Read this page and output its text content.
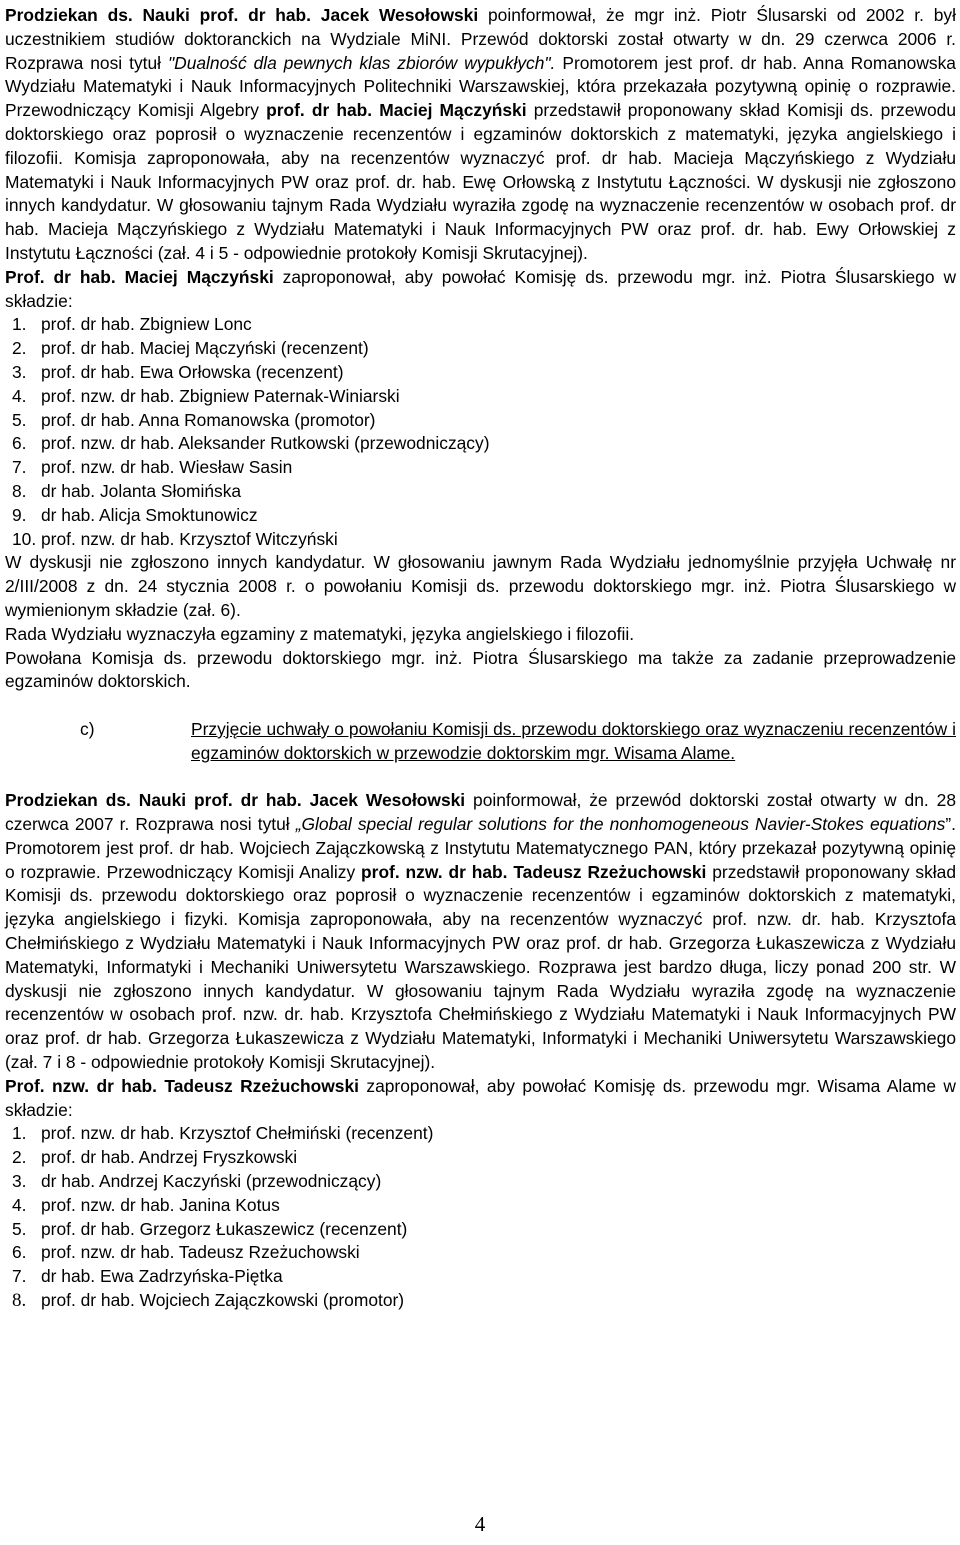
Prodziekan ds. Nauki prof. dr hab. Jacek Wesołowski poinformował, że mgr inż. Piotr Ślusarski od 2002 r. był uczestnikiem studiów doktoranckich na Wydziale MiNI. Przewód doktorski został otwarty w dn. 29 czerwca 2006 r. Rozprawa nosi tytuł "Dualność dla pewnych klas zbiorów wypukłych". Promotorem jest prof. dr hab. Anna Romanowska Wydziału Matematyki i Nauk Informacyjnych Politechniki Warszawskiej, która przekazała pozytywną opinię o rozprawie. Przewodniczący Komisji Algebry prof. dr hab. Maciej Mączyński przedstawił proponowany skład Komisji ds. przewodu doktorskiego oraz poprosił o wyznaczenie recenzentów i egzaminów doktorskich z matematyki, języka angielskiego i filozofii. Komisja zaproponowała, aby na recenzentów wyznaczyć prof. dr hab. Macieja Mączyńskiego z Wydziału Matematyki i Nauk Informacyjnych PW oraz prof. dr. hab. Ewę Orłowską z Instytutu Łączności. W dyskusji nie zgłoszono innych kandydatur. W głosowaniu tajnym Rada Wydziału wyraziła zgodę na wyznaczenie recenzentów w osobach prof. dr hab. Macieja Mączyńskiego z Wydziału Matematyki i Nauk Informacyjnych PW oraz prof. dr. hab. Ewy Orłowskiej z Instytutu Łączności (zał. 4 i 5 - odpowiednie protokoły Komisji Skrutacyjnej).

Prof. dr hab. Maciej Mączyński zaproponował, aby powołać Komisję ds. przewodu mgr. inż. Piotra Ślusarskiego w składzie:

1. prof. dr hab. Zbigniew Lonc
2. prof. dr hab. Maciej Mączyński (recenzent)
3. prof. dr hab. Ewa Orłowska (recenzent)
4. prof. nzw. dr hab. Zbigniew Paternak-Winiarski
5. prof. dr hab. Anna Romanowska (promotor)
6. prof. nzw. dr hab. Aleksander Rutkowski (przewodniczący)
7. prof. nzw. dr hab. Wiesław Sasin
8. dr hab. Jolanta Słomińska
9. dr hab. Alicja Smoktunowicz
10. prof. nzw. dr hab. Krzysztof Witczyński

W dyskusji nie zgłoszono innych kandydatur. W głosowaniu jawnym Rada Wydziału jednomyślnie przyjęła Uchwałę nr 2/III/2008 z dn. 24 stycznia 2008 r. o powołaniu Komisji ds. przewodu doktorskiego mgr. inż. Piotra Ślusarskiego w wymienionym składzie (zał. 6).

Rada Wydziału wyznaczyła egzaminy z matematyki, języka angielskiego i filozofii.

Powołana Komisja ds. przewodu doktorskiego mgr. inż. Piotra Ślusarskiego ma także za zadanie przeprowadzenie egzaminów doktorskich.

c)	Przyjęcie uchwały o powołaniu Komisji ds. przewodu doktorskiego oraz wyznaczeniu recenzentów i egzaminów doktorskich w przewodzie doktorskim mgr. Wisama Alame.

Prodziekan ds. Nauki prof. dr hab. Jacek Wesołowski poinformował, że przewód doktorski został otwarty w dn. 28 czerwca 2007 r. Rozprawa nosi tytuł „Global special regular solutions for the nonhomogeneous Navier-Stokes equations”. Promotorem jest prof. dr hab. Wojciech Zajączkowską z Instytutu Matematycznego PAN, który przekazał pozytywną opinię o rozprawie. Przewodniczący Komisji Analizy prof. nzw. dr hab. Tadeusz Rzeżuchowski przedstawił proponowany skład Komisji ds. przewodu doktorskiego oraz poprosił o wyznaczenie recenzentów i egzaminów doktorskich z matematyki, języka angielskiego i fizyki. Komisja zaproponowała, aby na recenzentów wyznaczyć prof. nzw. dr. hab. Krzysztofa Chełmińskiego z Wydziału Matematyki i Nauk Informacyjnych PW oraz prof. dr hab. Grzegorza Łukaszewicza z Wydziału Matematyki, Informatyki i Mechaniki Uniwersytetu Warszawskiego. Rozprawa jest bardzo długa, liczy ponad 200 str. W dyskusji nie zgłoszono innych kandydatur. W głosowaniu tajnym Rada Wydziału wyraziła zgodę na wyznaczenie recenzentów w osobach prof. nzw. dr. hab. Krzysztofa Chełmińskiego z Wydziału Matematyki i Nauk Informacyjnych PW oraz prof. dr hab. Grzegorza Łukaszewicza z Wydziału Matematyki, Informatyki i Mechaniki Uniwersytetu Warszawskiego (zał. 7 i 8 - odpowiednie protokoły Komisji Skrutacyjnej).

Prof. nzw. dr hab. Tadeusz Rzeżuchowski zaproponował, aby powołać Komisję ds. przewodu mgr. Wisama Alame w składzie:

1. prof. nzw. dr hab. Krzysztof Chełmiński (recenzent)
2. prof. dr hab. Andrzej Fryszkowski
3. dr hab. Andrzej Kaczyński (przewodniczący)
4. prof. nzw. dr hab. Janina Kotus
5. prof. dr hab. Grzegorz Łukaszewicz (recenzent)
6. prof. nzw. dr hab. Tadeusz Rzeżuchowski
7. dr hab. Ewa Zadrzyńska-Piętka
8. prof. dr hab. Wojciech Zajączkowski (promotor)
4
